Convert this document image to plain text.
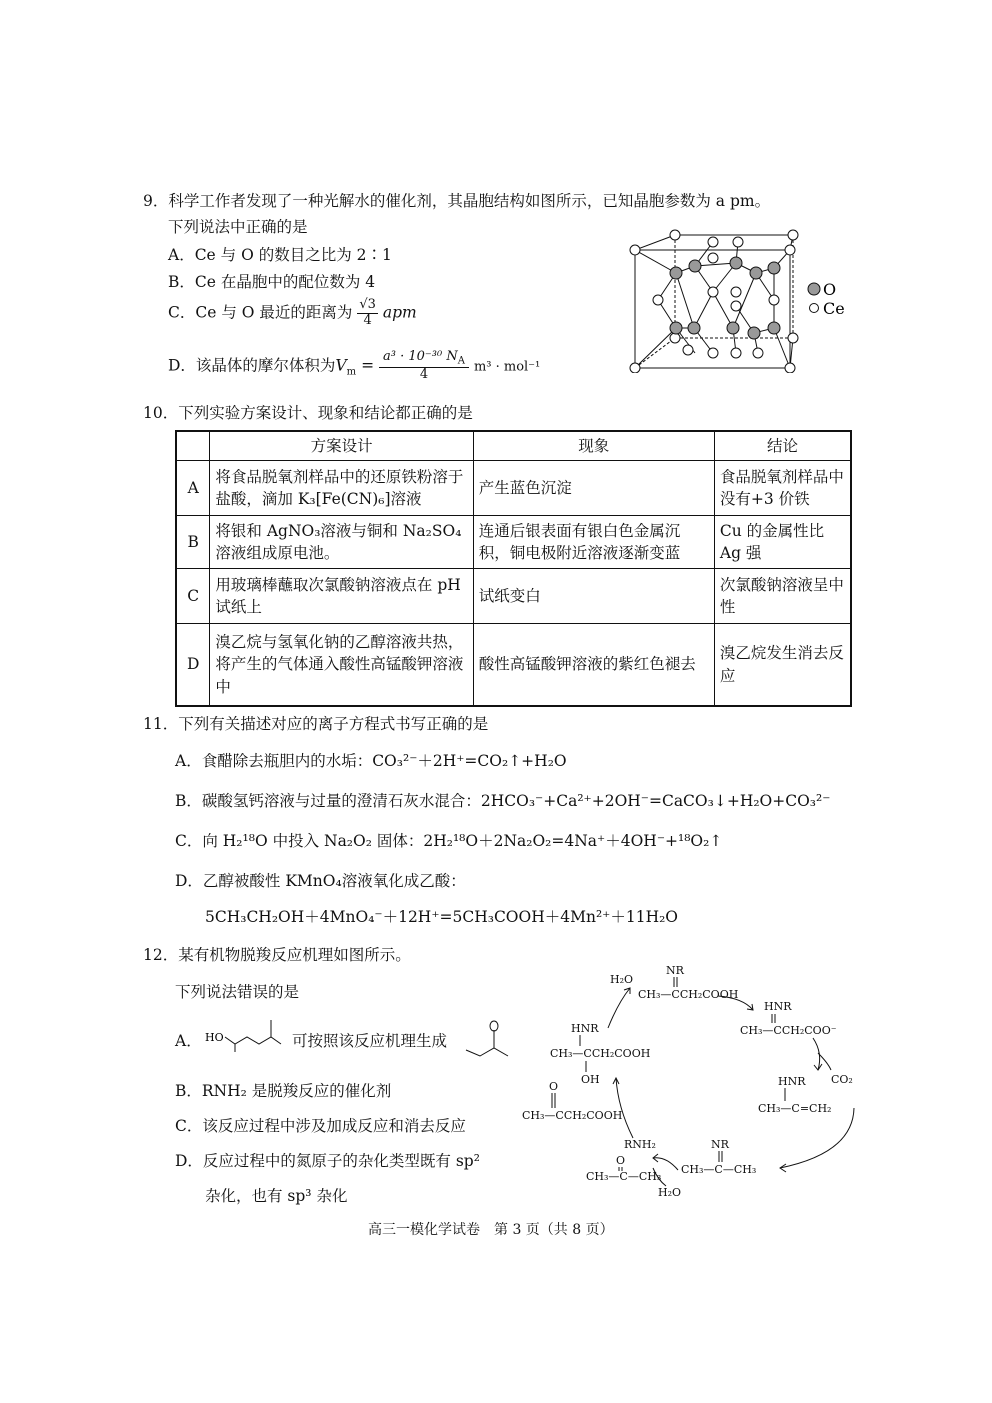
9．科学工作者发现了一种光解水的催化剂，其晶胞结构如图所示，已知晶胞参数为 a pm。
下列说法中正确的是
A．Ce 与 O 的数目之比为 2∶1
B．Ce 在晶胞中的配位数为 4
C．Ce 与 O 最近的距离为 $\frac{√3}{4}$ apm
D．该晶体的摩尔体积为$V_m = \frac{a^3 \cdot 10^{-30} N_A}{4} m^3 \cdot mol^{-1}$
O
Ce
10．下列实验方案设计、现象和结论都正确的是
	方案设计	现象	结论
A	将食品脱氧剂样品中的还原铁粉溶于盐酸，滴加 K₃[Fe(CN)₆]溶液	产生蓝色沉淀	食品脱氧剂样品中没有+3 价铁
B	将银和 AgNO₃溶液与铜和 Na₂SO₄溶液组成原电池。	连通后银表面有银白色金属沉积，铜电极附近溶液逐渐变蓝	Cu 的金属性比 Ag 强
C	用玻璃棒蘸取次氯酸钠溶液点在 pH 试纸上	试纸变白	次氯酸钠溶液呈中性
D	溴乙烷与氢氧化钠的乙醇溶液共热，将产生的气体通入酸性高锰酸钾溶液中	酸性高锰酸钾溶液的紫红色褪去	溴乙烷发生消去反应
11．下列有关描述对应的离子方程式书写正确的是
A．食醋除去瓶胆内的水垢：CO₃²⁻＋2H⁺=CO₂↑+H₂O
B．碳酸氢钙溶液与过量的澄清石灰水混合：2HCO₃⁻+Ca²⁺+2OH⁻=CaCO₃↓+H₂O+CO₃²⁻
C．向 H₂¹⁸O 中投入 Na₂O₂ 固体：2H₂¹⁸O＋2Na₂O₂=4Na⁺＋4OH⁻+¹⁸O₂↑
D．乙醇被酸性 KMnO₄溶液氧化成乙酸：
5CH₃CH₂OH＋4MnO₄⁻＋12H⁺=5CH₃COOH＋4Mn²⁺＋11H₂O
12．某有机物脱羧反应机理如图所示。
下列说法错误的是
A． HO	可按照该反应机理生成
B．RNH₂ 是脱羧反应的催化剂
C．该反应过程中涉及加成反应和消去反应
D．反应过程中的氮原子的杂化类型既有 sp²
杂化，也有 sp³ 杂化
H₂O
NR
CH₃—CCH₂COOH
HNR
CH₃—CCH₂COO⁻
CO₂
HNR
CH₃—C=CH₂
NR
CH₃—C—CH₃
RNH₂
O
CH₃—C—CH₃
H₂O
O
CH₃—CCH₂COOH
HNR
CH₃—CCH₂COOH
OH
高三一模化学试卷　第 3 页（共 8 页）
